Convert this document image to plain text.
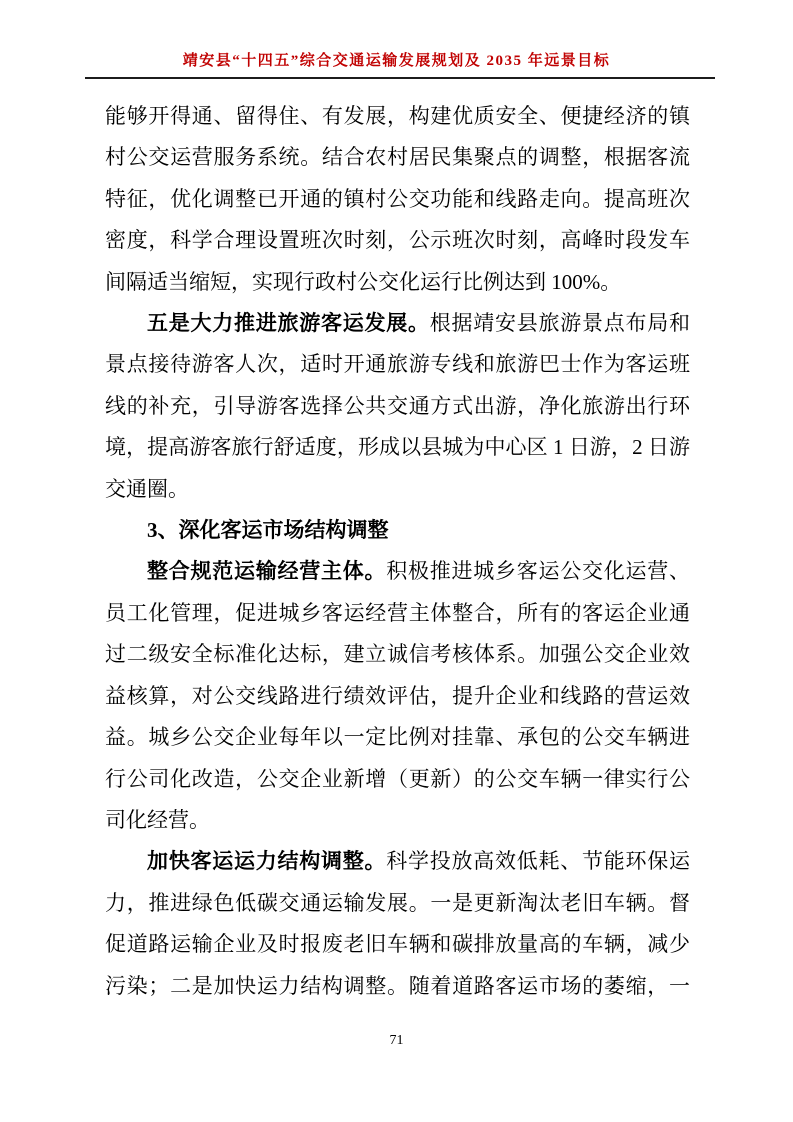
靖安县“十四五”综合交通运输发展规划及 2035 年远景目标
能够开得通、留得住、有发展，构建优质安全、便捷经济的镇
村公交运营服务系统。结合农村居民集聚点的调整，根据客流
特征，优化调整已开通的镇村公交功能和线路走向。提高班次
密度，科学合理设置班次时刻，公示班次时刻，高峰时段发车
间隔适当缩短，实现行政村公交化运行比例达到 100%。
五是大力推进旅游客运发展。根据靖安县旅游景点布局和
景点接待游客人次，适时开通旅游专线和旅游巴士作为客运班
线的补充，引导游客选择公共交通方式出游，净化旅游出行环
境，提高游客旅行舒适度，形成以县城为中心区 1 日游，2 日游
交通圈。
3、深化客运市场结构调整
整合规范运输经营主体。积极推进城乡客运公交化运营、
员工化管理，促进城乡客运经营主体整合，所有的客运企业通
过二级安全标准化达标，建立诚信考核体系。加强公交企业效
益核算，对公交线路进行绩效评估，提升企业和线路的营运效
益。城乡公交企业每年以一定比例对挂靠、承包的公交车辆进
行公司化改造，公交企业新增（更新）的公交车辆一律实行公
司化经营。
加快客运运力结构调整。科学投放高效低耗、节能环保运
力，推进绿色低碳交通运输发展。一是更新淘汰老旧车辆。督
促道路运输企业及时报废老旧车辆和碳排放量高的车辆，减少
污染；二是加快运力结构调整。随着道路客运市场的萎缩，一
71
